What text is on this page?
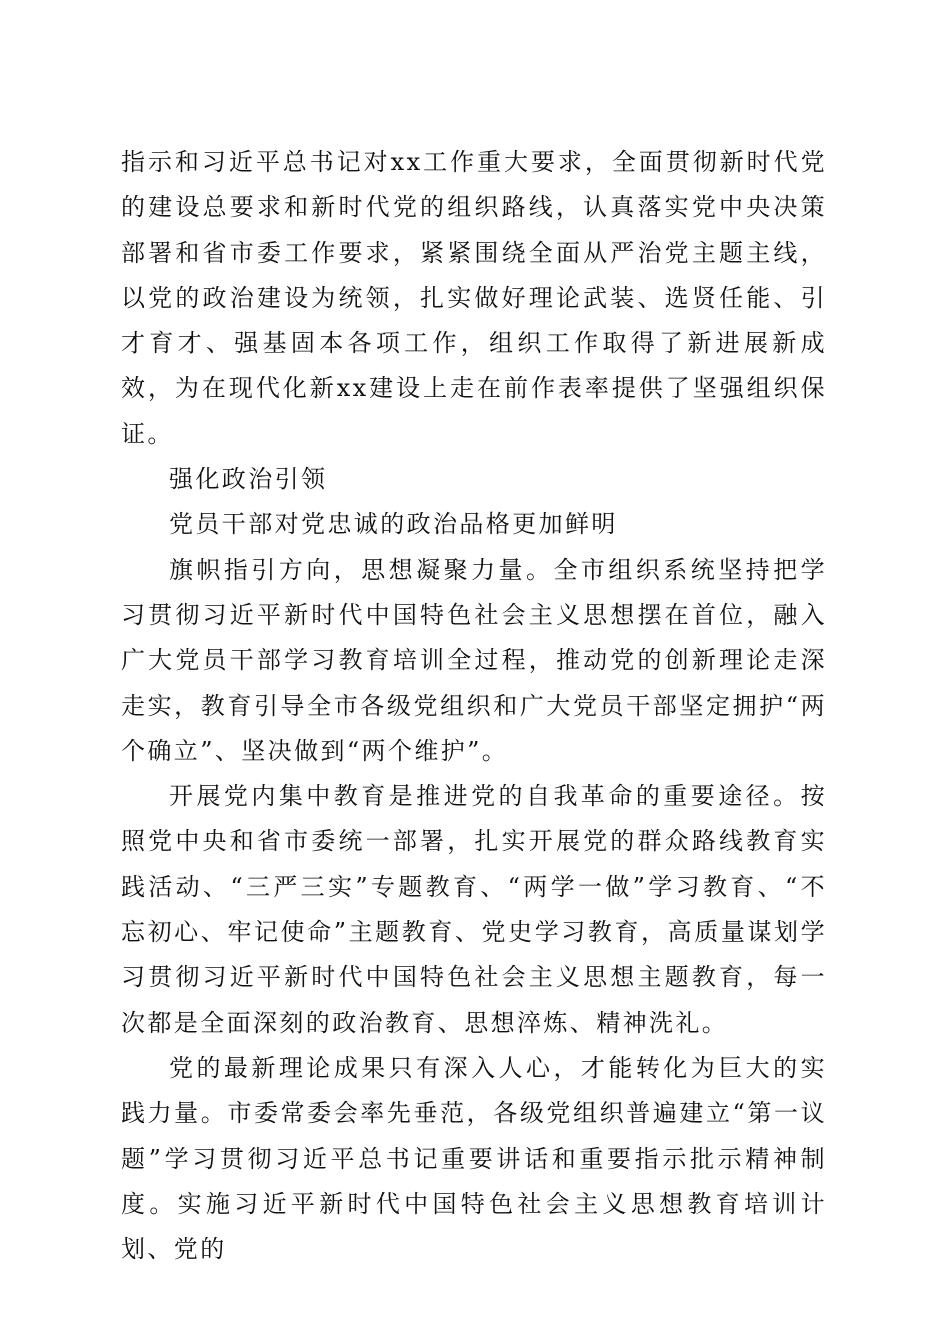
指示和习近平总书记对xx工作重大要求，全面贯彻新时代党的建设总要求和新时代党的组织路线，认真落实党中央决策部署和省市委工作要求，紧紧围绕全面从严治党主题主线，以党的政治建设为统领，扎实做好理论武装、选贤任能、引才育才、强基固本各项工作，组织工作取得了新进展新成效，为在现代化新xx建设上走在前作表率提供了坚强组织保证。

强化政治引领

党员干部对党忠诚的政治品格更加鲜明

旗帜指引方向，思想凝聚力量。全市组织系统坚持把学习贯彻习近平新时代中国特色社会主义思想摆在首位，融入广大党员干部学习教育培训全过程，推动党的创新理论走深走实，教育引导全市各级党组织和广大党员干部坚定拥护“两个确立”、坚决做到“两个维护”。

开展党内集中教育是推进党的自我革命的重要途径。按照党中央和省市委统一部署，扎实开展党的群众路线教育实践活动、“三严三实”专题教育、“两学一做”学习教育、“不忘初心、牢记使命”主题教育、党史学习教育，高质量谋划学习贯彻习近平新时代中国特色社会主义思想主题教育，每一次都是全面深刻的政治教育、思想淬炼、精神洗礼。

党的最新理论成果只有深入人心，才能转化为巨大的实践力量。市委常委会率先垂范，各级党组织普遍建立“第一议题”学习贯彻习近平总书记重要讲话和重要指示批示精神制度。实施习近平新时代中国特色社会主义思想教育培训计划、党的
